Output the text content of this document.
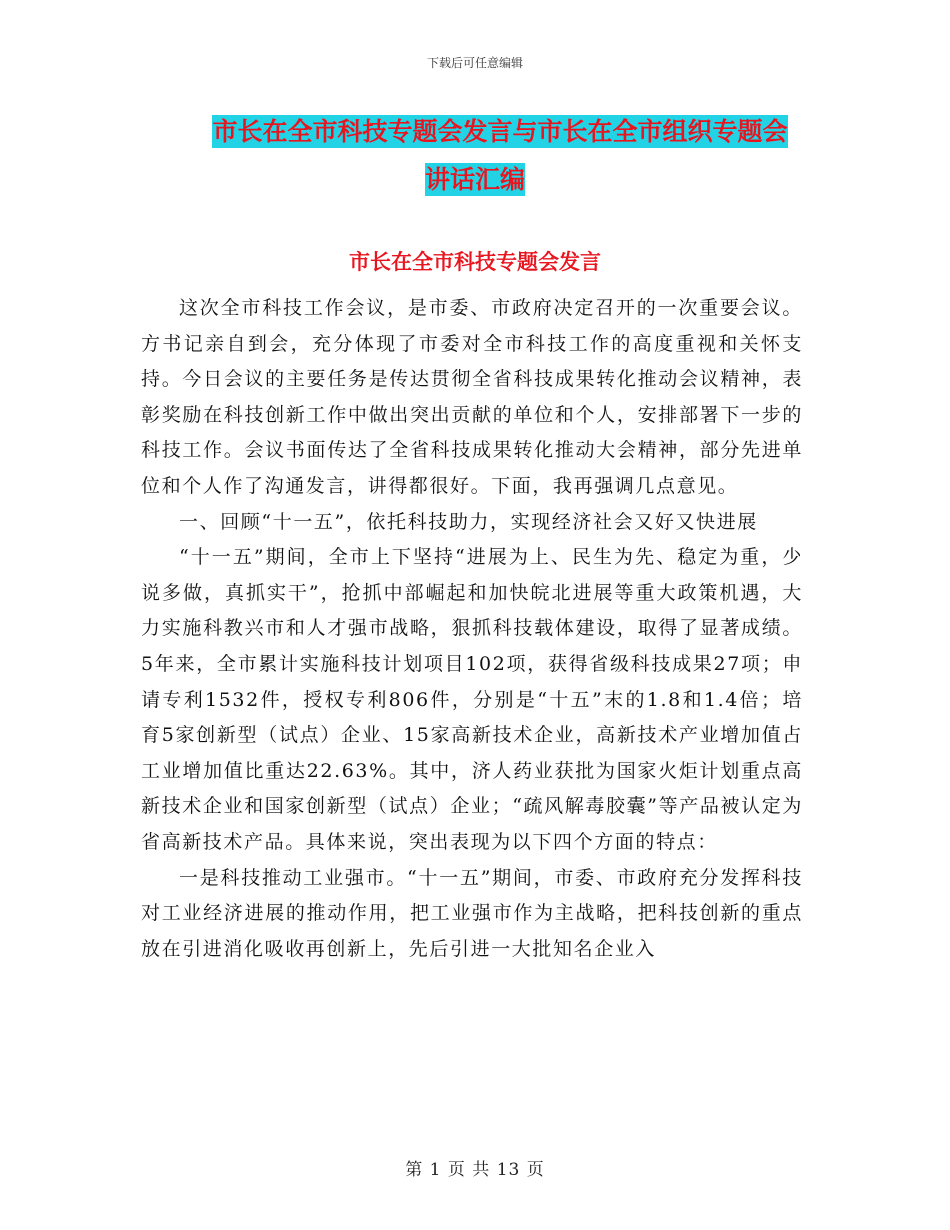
下载后可任意编辑
市长在全市科技专题会发言与市长在全市组织专题会
讲话汇编
市长在全市科技专题会发言

这次全市科技工作会议，是市委、市政府决定召开的一次重要会议。方书记亲自到会，充分体现了市委对全市科技工作的高度重视和关怀支持。今日会议的主要任务是传达贯彻全省科技成果转化推动会议精神，表彰奖励在科技创新工作中做出突出贡献的单位和个人，安排部署下一步的科技工作。会议书面传达了全省科技成果转化推动大会精神，部分先进单位和个人作了沟通发言，讲得都很好。下面，我再强调几点意见。

一、回顾“十一五”，依托科技助力，实现经济社会又好又快进展

“十一五”期间，全市上下坚持“进展为上、民生为先、稳定为重，少说多做，真抓实干”，抢抓中部崛起和加快皖北进展等重大政策机遇，大力实施科教兴市和人才强市战略，狠抓科技载体建设，取得了显著成绩。5年来，全市累计实施科技计划项目102项，获得省级科技成果27项；申请专利1532件，授权专利806件，分别是“十五”末的1.8和1.4倍；培育5家创新型（试点）企业、15家高新技术企业，高新技术产业增加值占工业增加值比重达22.63%。其中，济人药业获批为国家火炬计划重点高新技术企业和国家创新型（试点）企业；“疏风解毒胶囊”等产品被认定为省高新技术产品。具体来说，突出表现为以下四个方面的特点：

一是科技推动工业强市。“十一五”期间，市委、市政府充分发挥科技对工业经济进展的推动作用，把工业强市作为主战略，把科技创新的重点放在引进消化吸收再创新上，先后引进一大批知名企业入

第 1 页 共 13 页
